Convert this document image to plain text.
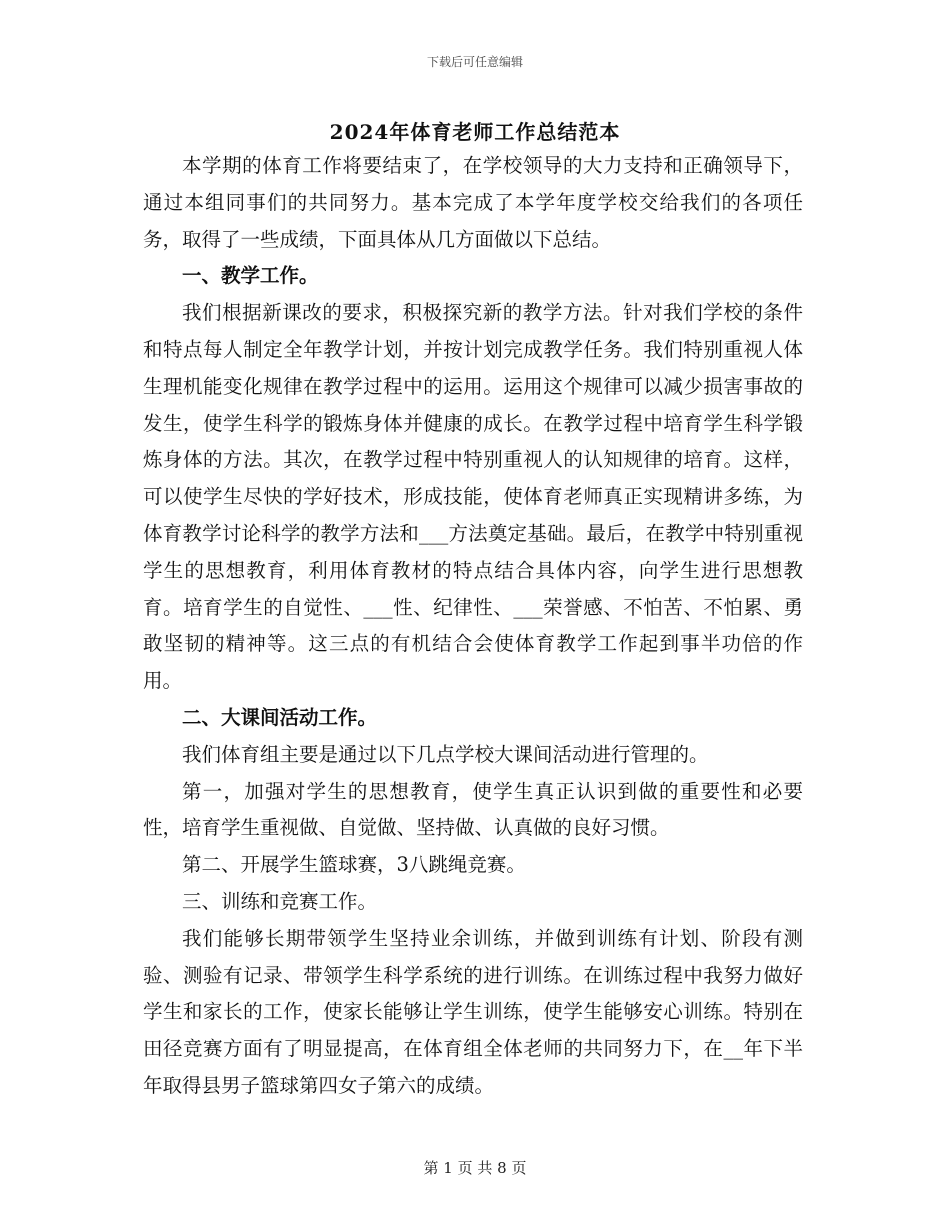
下载后可任意编辑
2024年体育老师工作总结范本

本学期的体育工作将要结束了，在学校领导的大力支持和正确领导下，通过本组同事们的共同努力。基本完成了本学年度学校交给我们的各项任务，取得了一些成绩，下面具体从几方面做以下总结。

一、教学工作。

我们根据新课改的要求，积极探究新的教学方法。针对我们学校的条件和特点每人制定全年教学计划，并按计划完成教学任务。我们特别重视人体生理机能变化规律在教学过程中的运用。运用这个规律可以减少损害事故的发生，使学生科学的锻炼身体并健康的成长。在教学过程中培育学生科学锻炼身体的方法。其次，在教学过程中特别重视人的认知规律的培育。这样，可以使学生尽快的学好技术，形成技能，使体育老师真正实现精讲多练，为体育教学讨论科学的教学方法和___方法奠定基础。最后，在教学中特别重视学生的思想教育，利用体育教材的特点结合具体内容，向学生进行思想教育。培育学生的自觉性、___性、纪律性、___荣誉感、不怕苦、不怕累、勇敢坚韧的精神等。这三点的有机结合会使体育教学工作起到事半功倍的作用。

二、大课间活动工作。

我们体育组主要是通过以下几点学校大课间活动进行管理的。

第一，加强对学生的思想教育，使学生真正认识到做的重要性和必要性，培育学生重视做、自觉做、坚持做、认真做的良好习惯。

第二、开展学生篮球赛，3八跳绳竞赛。

三、训练和竞赛工作。

我们能够长期带领学生坚持业余训练，并做到训练有计划、阶段有测验、测验有记录、带领学生科学系统的进行训练。在训练过程中我努力做好学生和家长的工作，使家长能够让学生训练，使学生能够安心训练。特别在田径竞赛方面有了明显提高，在体育组全体老师的共同努力下，在__年下半年取得县男子篮球第四女子第六的成绩。

第 1 页 共 8 页
